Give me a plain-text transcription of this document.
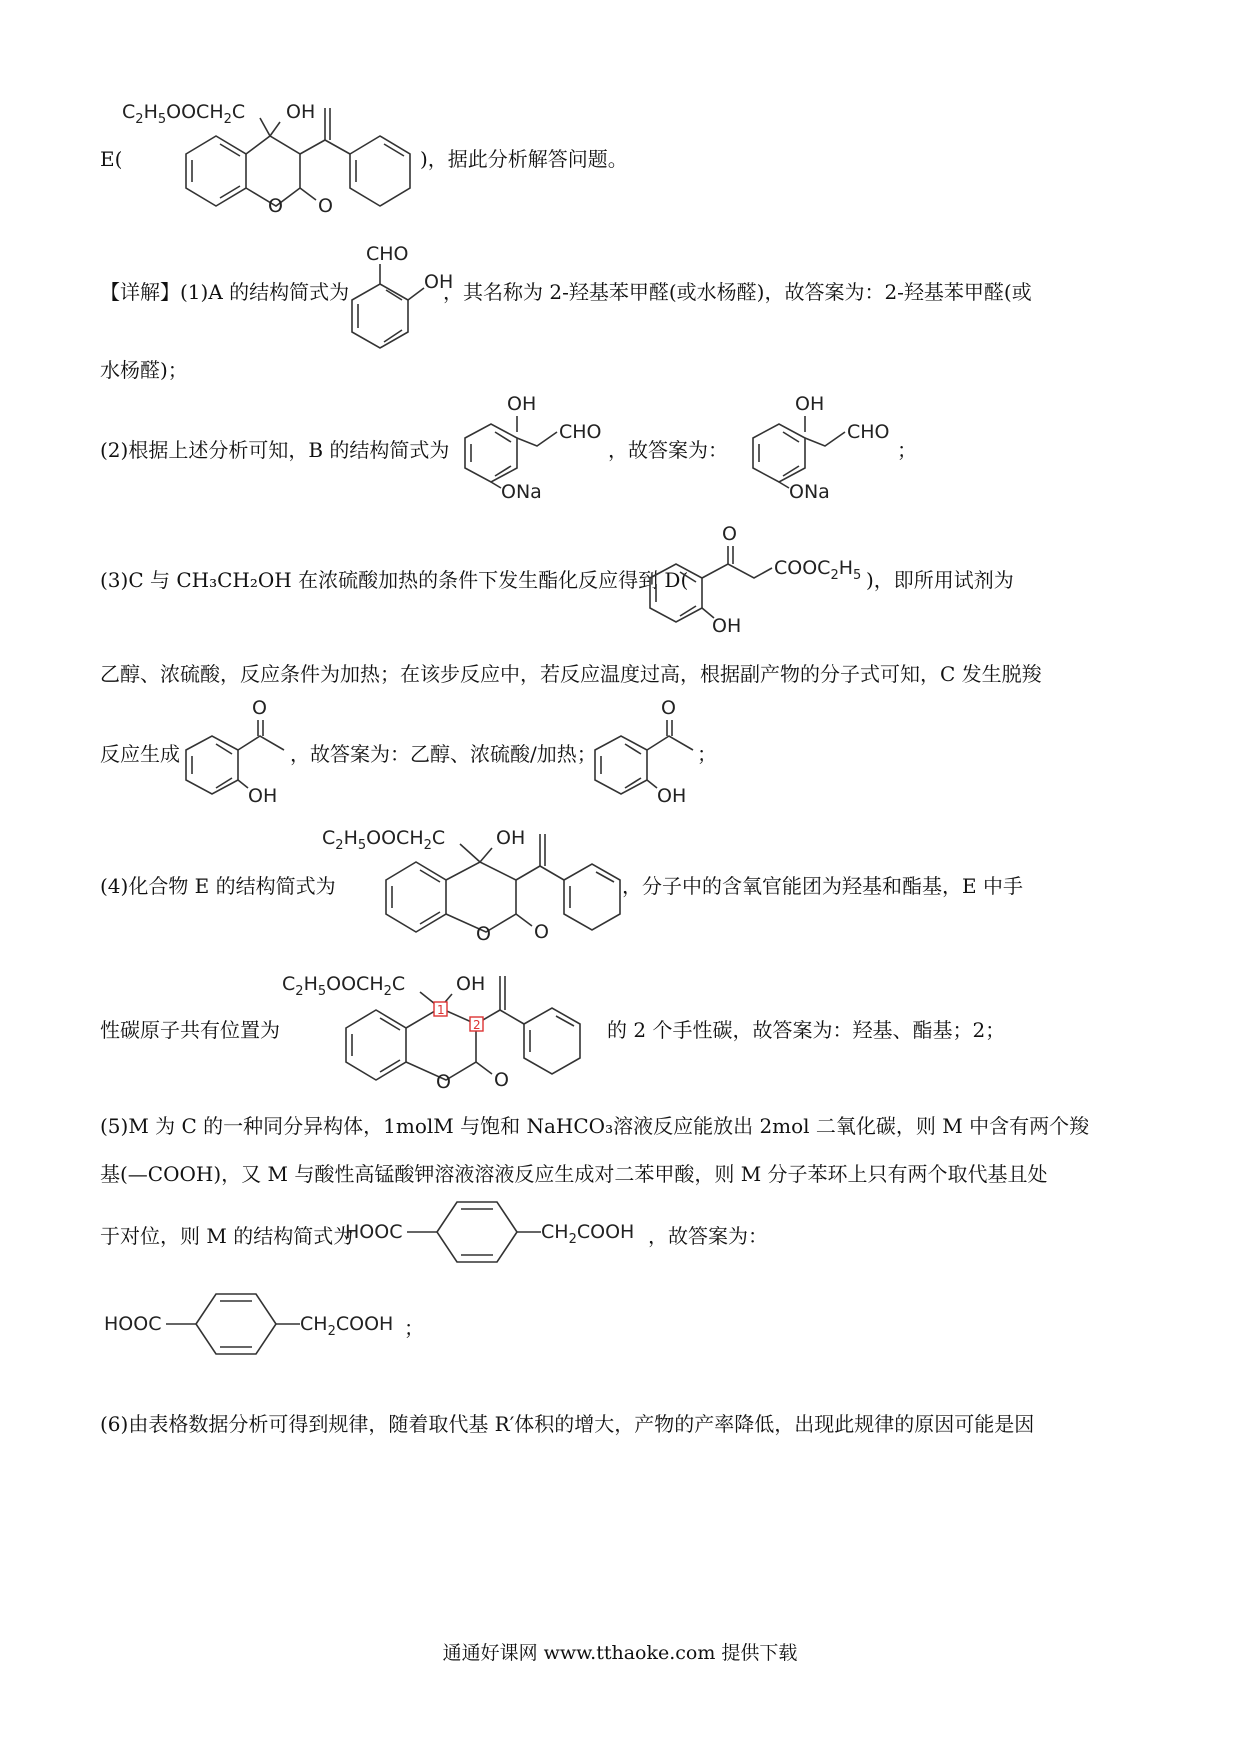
E(
$C_2H_5OOCH_2C$ OH
O O
)，据此分析解答问题。
【详解】(1)A 的结构简式为
CHO
OH
，其名称为 2-羟基苯甲醛(或水杨醛)，故答案为：2-羟基苯甲醛(或
水杨醛)；
(2)根据上述分析可知，B 的结构简式为
OH
CHO
ONa
，故答案为：
OH
CHO
ONa
；
(3)C 与 CH₃CH₂OH 在浓硫酸加热的条件下发生酯化反应得到 D(
O
$COOC_2H_5$
OH
)，即所用试剂为
乙醇、浓硫酸，反应条件为加热；在该步反应中，若反应温度过高，根据副产物的分子式可知，C 发生脱羧
反应生成
O
OH
，故答案为：乙醇、浓硫酸/加热；
O
OH
；
(4)化合物 E 的结构简式为
$C_2H_5OOCH_2C$	OH
O O
，分子中的含氧官能团为羟基和酯基，E 中手
性碳原子共有位置为
$C_2H_5OOCH_2C$	OH
O O
1
2	的 2 个手性碳，故答案为：羟基、酯基；2；
(5)M 为 C 的一种同分异构体，1molM 与饱和 NaHCO₃溶液反应能放出 2mol 二氧化碳，则 M 中含有两个羧
基(—COOH)，又 M 与酸性高锰酸钾溶液溶液反应生成对二苯甲酸，则 M 分子苯环上只有两个取代基且处
于对位，则 M 的结构简式为
HOOC	$CH_2COOH$ ，故答案为：
HOOC	$CH_2COOH$ ；
(6)由表格数据分析可得到规律，随着取代基 R′体积的增大，产物的产率降低，出现此规律的原因可能是因
通通好课网 www.tthaoke.com 提供下载
